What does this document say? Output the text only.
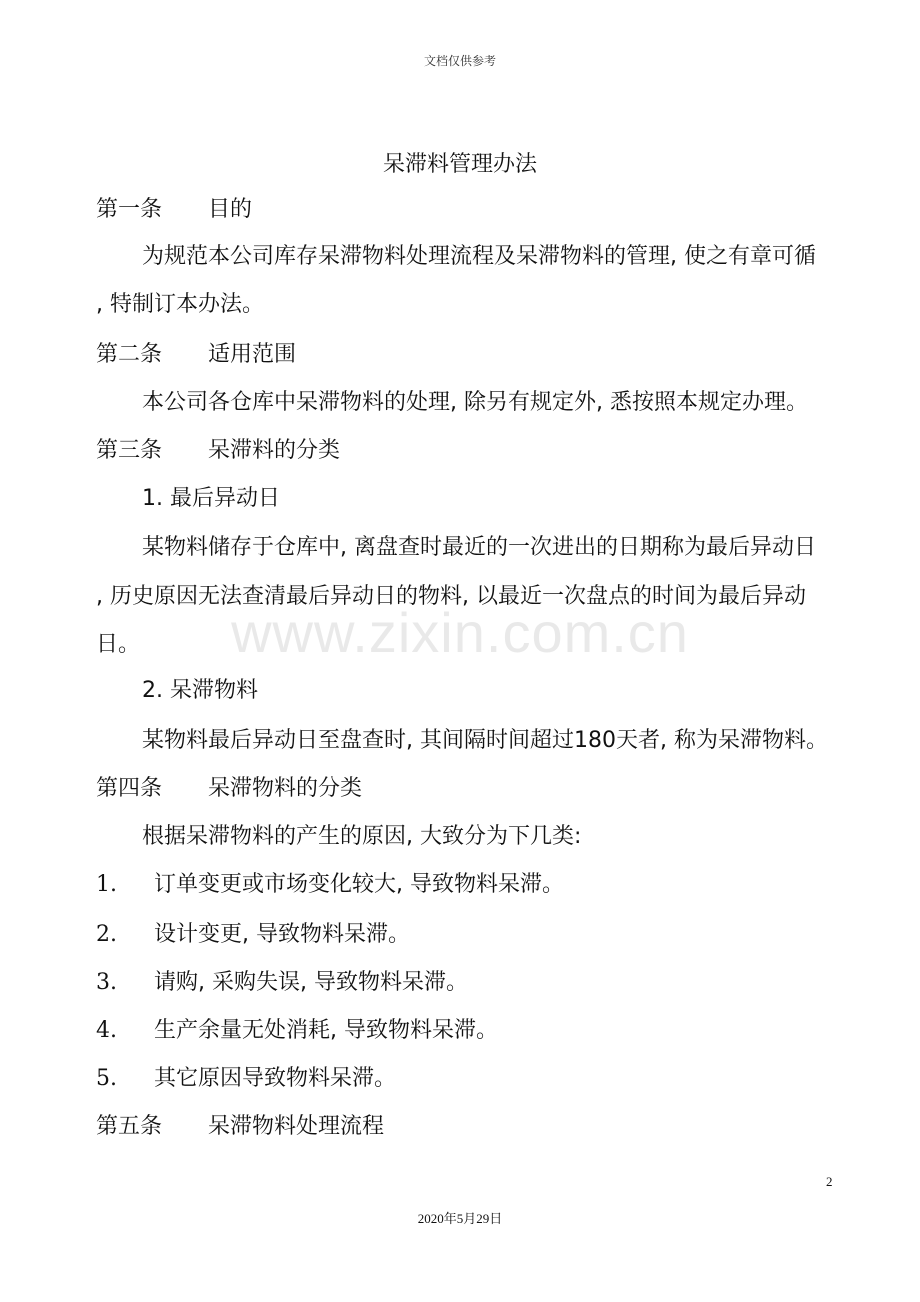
文档仅供参考
呆滞料管理办法
第一条 目的
为规范本公司库存呆滞物料处理流程及呆滞物料的管理, 使之有章可循
, 特制订本办法。
第二条 适用范围
本公司各仓库中呆滞物料的处理, 除另有规定外, 悉按照本规定办理。
第三条 呆滞料的分类
1. 最后异动日
某物料储存于仓库中, 离盘查时最近的一次进出的日期称为最后异动日
, 历史原因无法查清最后异动日的物料, 以最近一次盘点的时间为最后异动
日。	www.zixin.com.cn
2. 呆滞物料
某物料最后异动日至盘查时, 其间隔时间超过180天者, 称为呆滞物料。
第四条 呆滞物料的分类
根据呆滞物料的产生的原因, 大致分为下几类:
1. 订单变更或市场变化较大, 导致物料呆滞。
2. 设计变更, 导致物料呆滞。
3. 请购, 采购失误, 导致物料呆滞。
4. 生产余量无处消耗, 导致物料呆滞。
5. 其它原因导致物料呆滞。
第五条 呆滞物料处理流程
2
2020年5月29日
